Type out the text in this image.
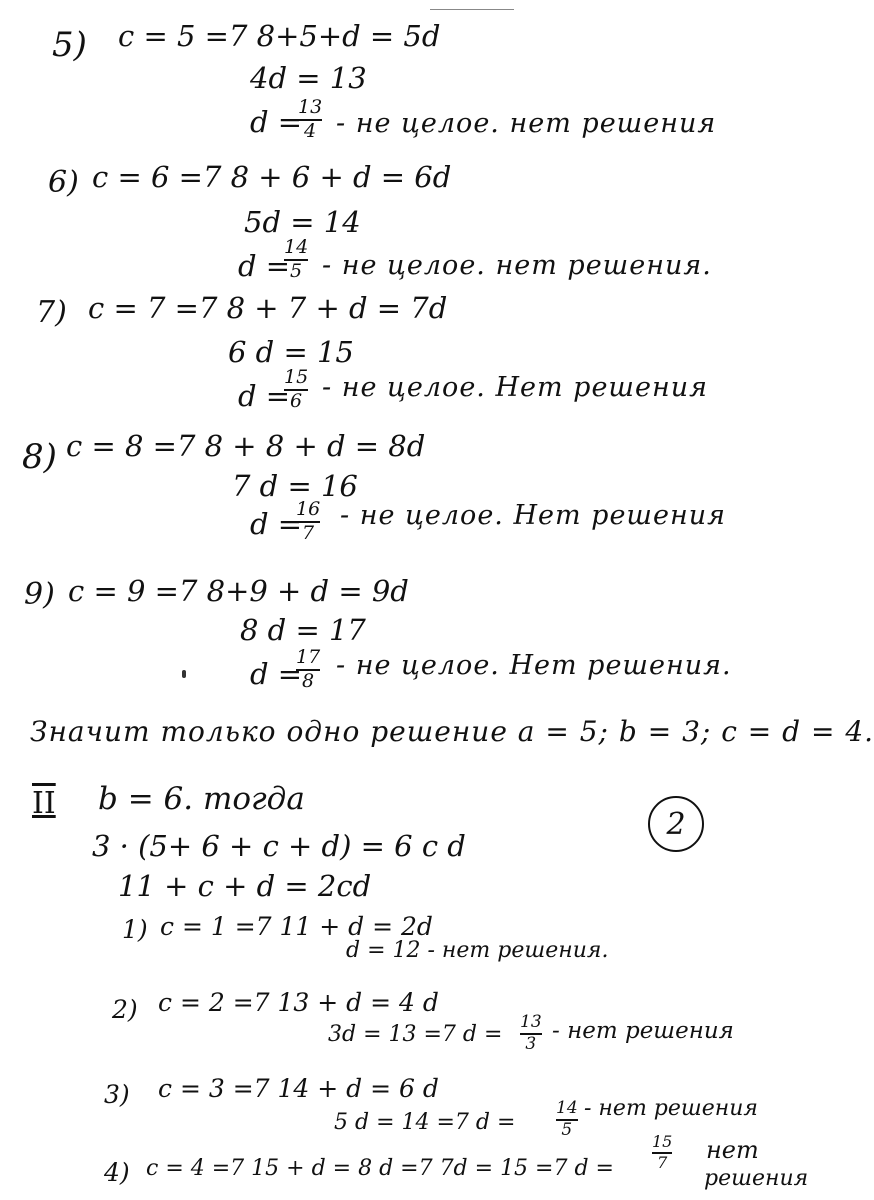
5) c = 5 =7 8+5+d = 5d
4d = 13
d =
13
4 - не целое. нет решения
6) c = 6 =7 8 + 6 + d = 6d
5d = 14
d =
14
5 - не целое. нет решения.
7) c = 7 =7 8 + 7 + d = 7d
6 d = 15
d =
15
6 - не целое. Нет решения
8) c = 8 =7 8 + 8 + d = 8d
7 d = 16
d =
16
7
- не целое. Нет решения
9) c = 9 =7 8+9 + d = 9d
8 d = 17
d =
17
8 - не целое. Нет решения.
Значит только одно решение a = 5; b = 3; c = d = 4.
II b = 6. тогда
2
3 · (5+ 6 + c + d) = 6 c d
11 + c + d = 2cd
1) c = 1 =7 11 + d = 2d
d = 12 - нет решения.
2) c = 2 =7 13 + d = 4 d
3d = 13 =7 d = 13
3 - нет решения
3) c = 3 =7 14 + d = 6 d
5 d = 14 =7 d =
14
5
- нет решения
4) c = 4 =7 15 + d = 8 d =7 7d = 15 =7 d =
15
7 нет
решения
